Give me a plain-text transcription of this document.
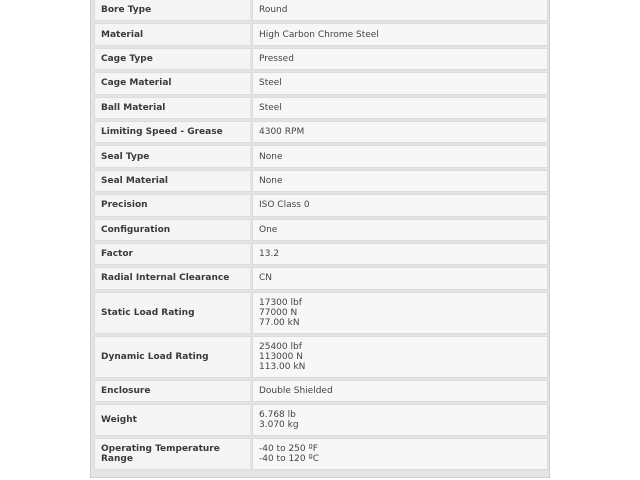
Bore Type	Round

Material	High Carbon Chrome Steel

Cage Type	Pressed

Cage Material	Steel

Ball Material	Steel

Limiting Speed - Grease	4300 RPM

Seal Type	None

Seal Material	None

Precision	ISO Class 0

Configuration	One

Factor	13.2

Radial Internal Clearance	CN

Static Load Rating	17300 lbf
77000 N
77.00 kN

Dynamic Load Rating	25400 lbf
113000 N
113.00 kN

Enclosure	Double Shielded

Weight	6.768 lb
3.070 kg

Operating Temperature Range	-40 to 250 ºF
-40 to 120 ºC
